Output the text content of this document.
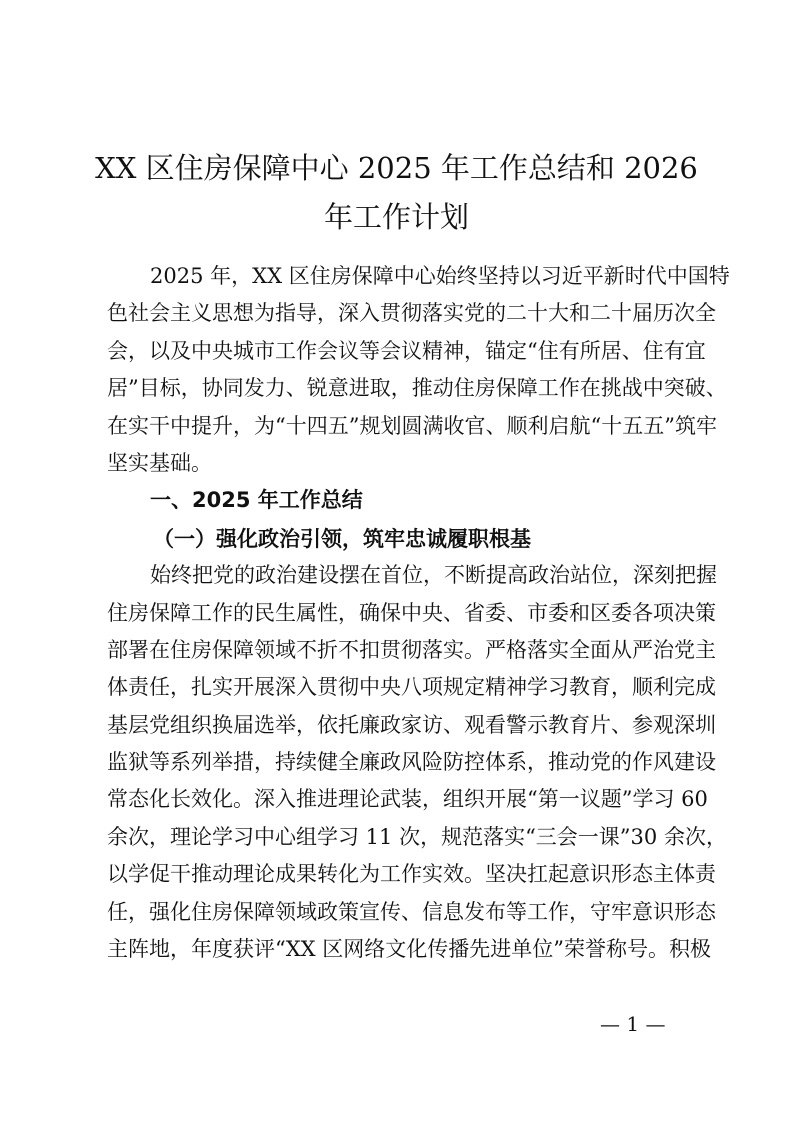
XX 区住房保障中心 2025 年工作总结和 2026
年工作计划
2025 年，XX 区住房保障中心始终坚持以习近平新时代中国特
色社会主义思想为指导，深入贯彻落实党的二十大和二十届历次全
会，以及中央城市工作会议等会议精神，锚定“住有所居、住有宜
居”目标，协同发力、锐意进取，推动住房保障工作在挑战中突破、
在实干中提升，为“十四五”规划圆满收官、顺利启航“十五五”筑牢
坚实基础。
一、2025 年工作总结
（一）强化政治引领，筑牢忠诚履职根基
始终把党的政治建设摆在首位，不断提高政治站位，深刻把握
住房保障工作的民生属性，确保中央、省委、市委和区委各项决策
部署在住房保障领域不折不扣贯彻落实。严格落实全面从严治党主
体责任，扎实开展深入贯彻中央八项规定精神学习教育，顺利完成
基层党组织换届选举，依托廉政家访、观看警示教育片、参观深圳
监狱等系列举措，持续健全廉政风险防控体系，推动党的作风建设
常态化长效化。深入推进理论武装，组织开展“第一议题”学习 60
余次，理论学习中心组学习 11 次，规范落实“三会一课”30 余次，
以学促干推动理论成果转化为工作实效。坚决扛起意识形态主体责
任，强化住房保障领域政策宣传、信息发布等工作，守牢意识形态
主阵地，年度获评“XX 区网络文化传播先进单位”荣誉称号。积极
— 1 —
